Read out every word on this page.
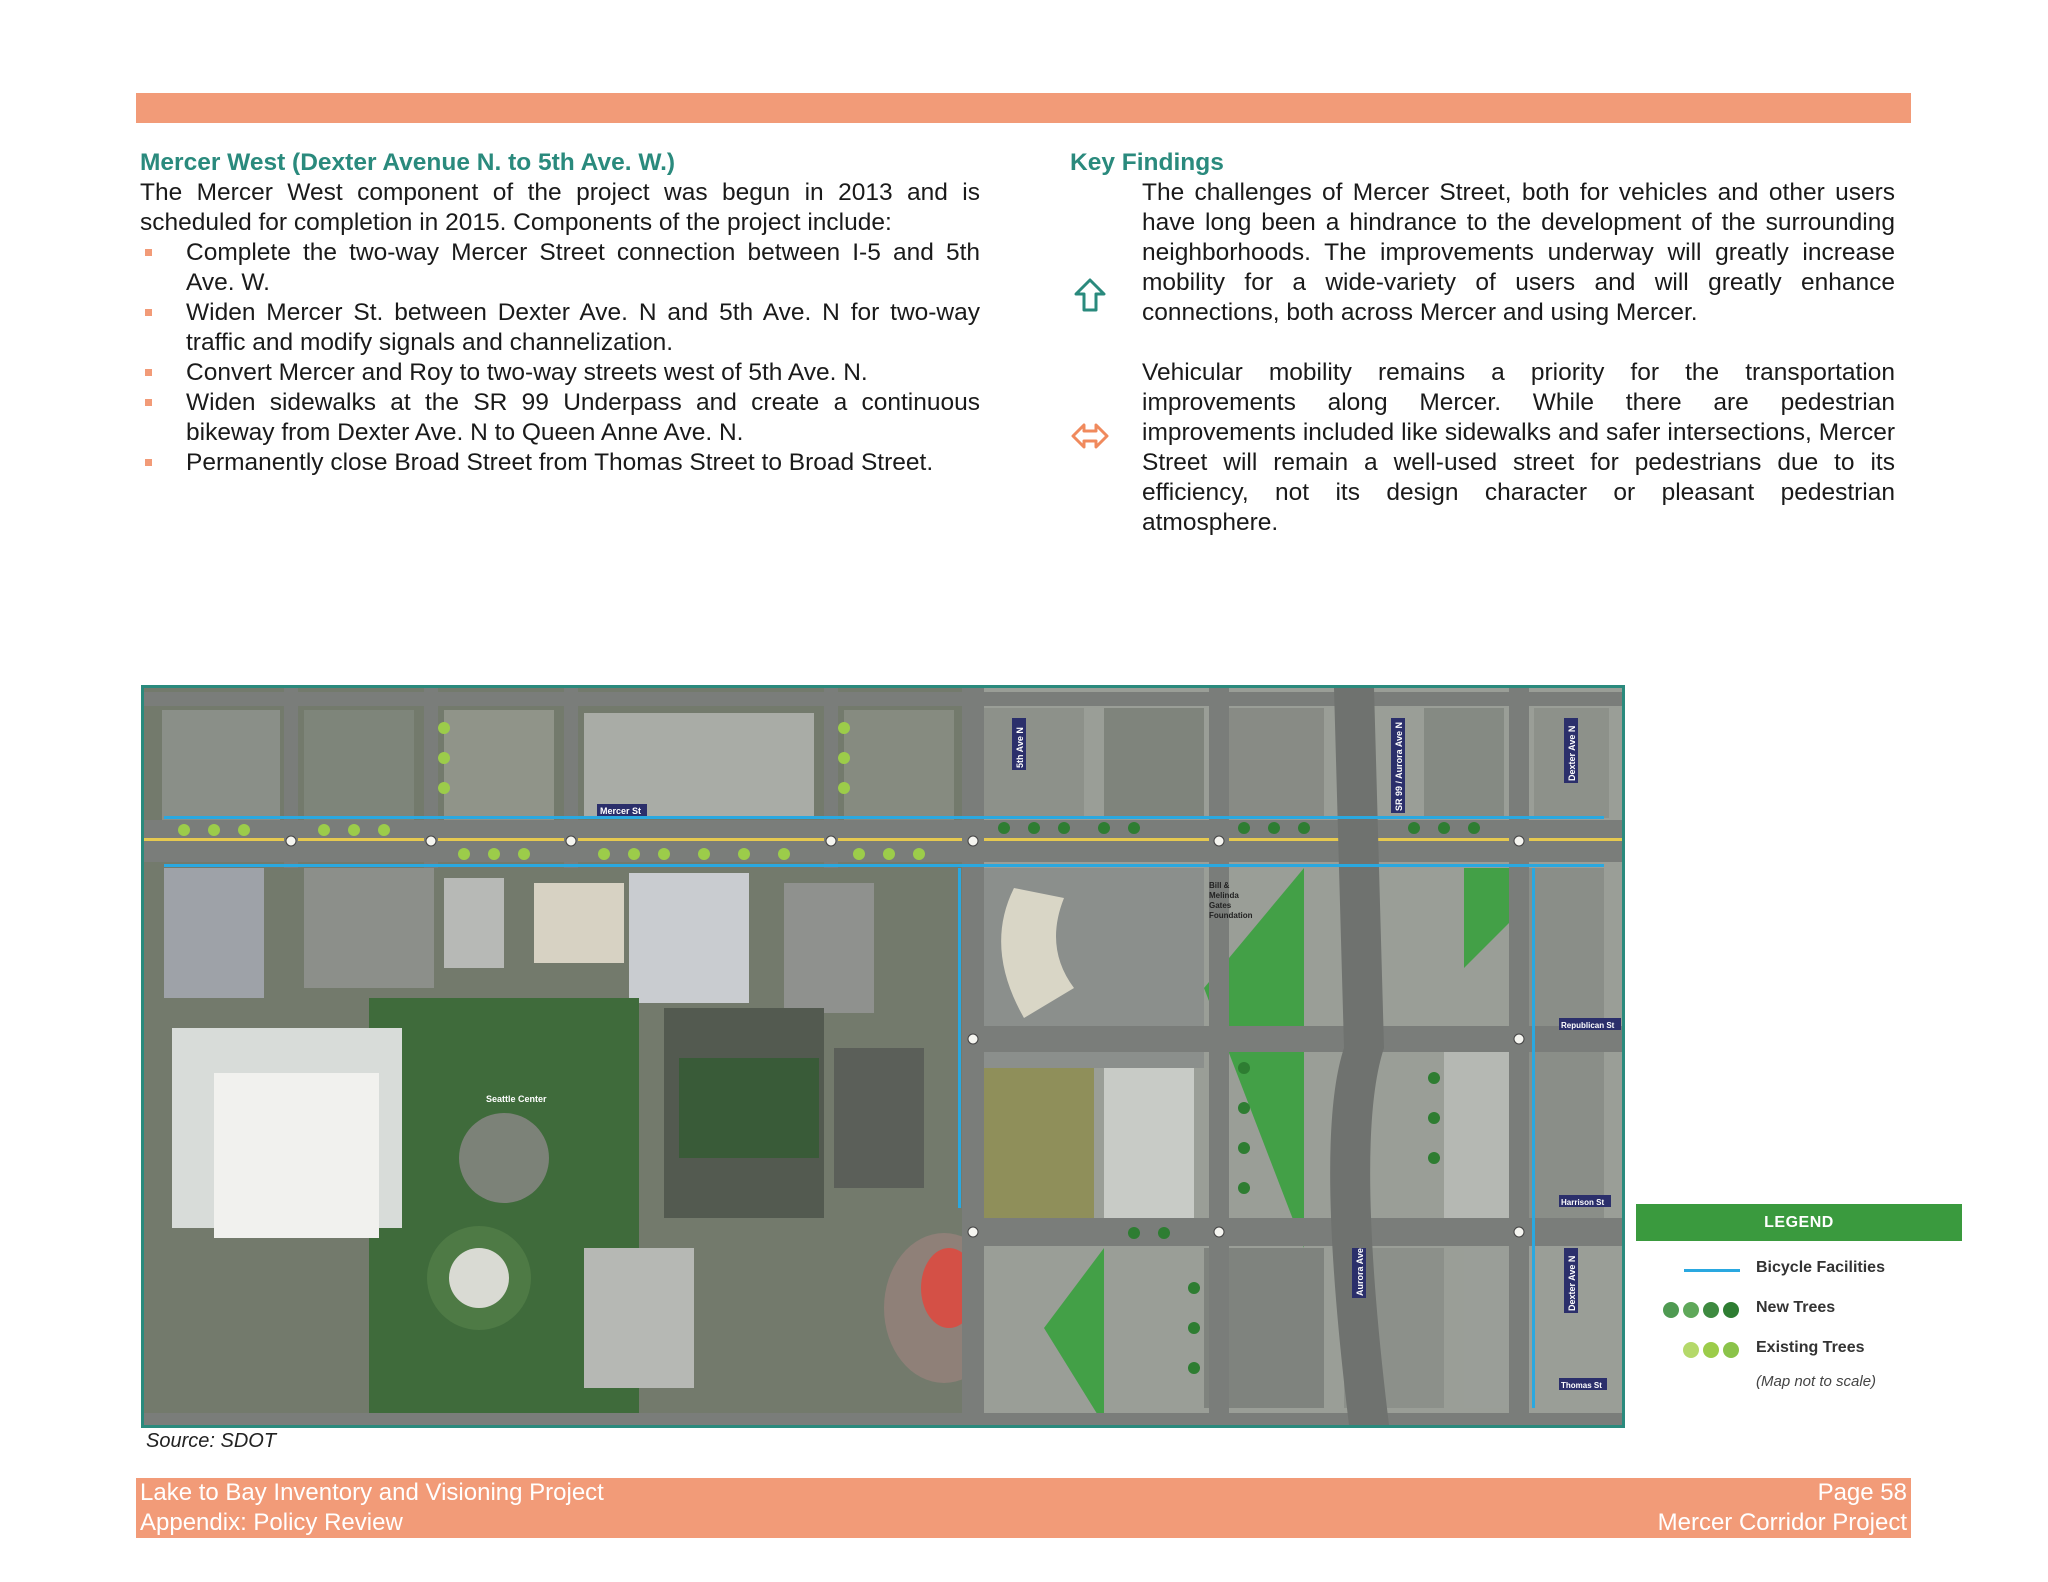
Mercer West (Dexter Avenue N. to 5th Ave. W.)
The Mercer West component of the project was begun in 2013 and is scheduled for completion in 2015. Components of the project include:
Complete the two-way Mercer Street connection between I-5 and 5th Ave. W.
Widen Mercer St. between Dexter Ave. N and 5th Ave. N for two-way traffic and modify signals and channelization.
Convert Mercer and Roy to two-way streets west of 5th Ave. N.
Widen sidewalks at the SR 99 Underpass and create a continuous bikeway from Dexter Ave. N to Queen Anne Ave. N.
Permanently close Broad Street from Thomas Street to Broad Street.
Key Findings
The challenges of Mercer Street, both for vehicles and other users have long been a hindrance to the development of the surrounding neighborhoods. The improvements underway will greatly increase mobility for a wide-variety of users and will greatly enhance connections, both across Mercer and using Mercer.
Vehicular mobility remains a priority for the transportation improvements along Mercer. While there are pedestrian improvements included like sidewalks and safer intersections, Mercer Street will remain a well-used street for pedestrians due to its efficiency, not its design character or pleasant pedestrian atmosphere.
Mercer St
5th Ave N	SR 99 / Aurora Ave N	Dexter Ave N
Dexter Ave N
Aurora Ave
Republican St
Harrison St
Thomas St
Seattle Center
Bill &
Melinda
Gates
Foundation
LEGEND
Bicycle Facilities
New Trees
Existing Trees
(Map not to scale)
Source: SDOT
Lake to Bay Inventory and Visioning Project
Appendix: Policy Review
Page 58
Mercer Corridor Project
